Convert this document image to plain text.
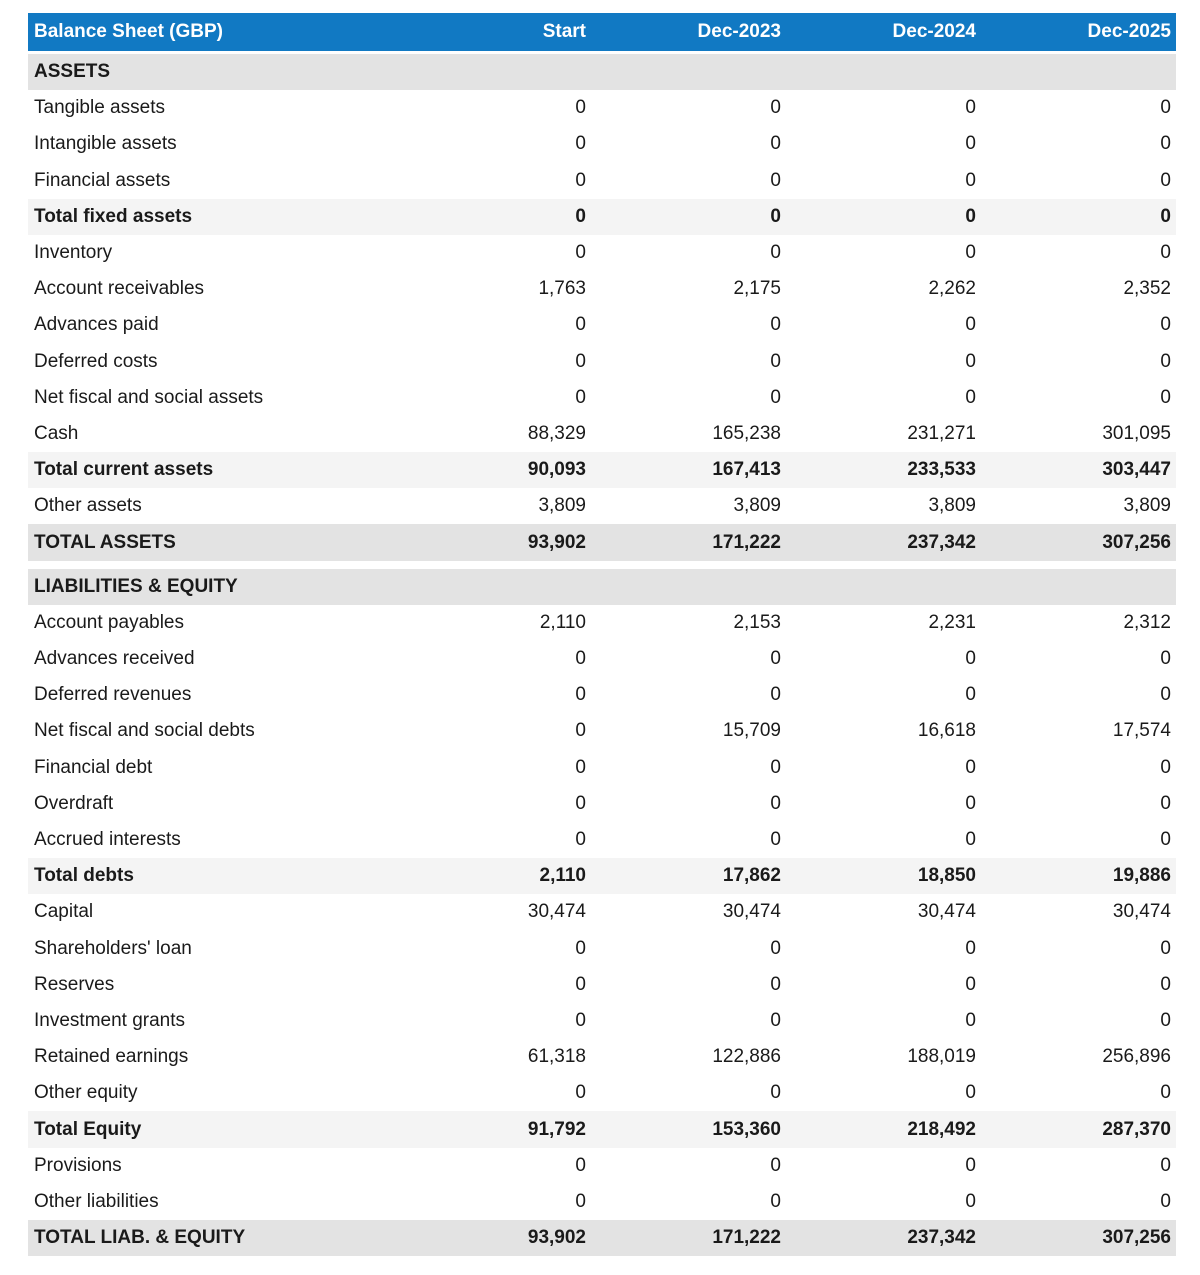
Balance Sheet (GBP)	Start	Dec-2023	Dec-2024	Dec-2025
ASSETS
Tangible assets	0	0	0	0
Intangible assets	0	0	0	0
Financial assets	0	0	0	0
Total fixed assets	0	0	0	0
Inventory	0	0	0	0
Account receivables	1,763	2,175	2,262	2,352
Advances paid	0	0	0	0
Deferred costs	0	0	0	0
Net fiscal and social assets	0	0	0	0
Cash	88,329	165,238	231,271	301,095
Total current assets	90,093	167,413	233,533	303,447
Other assets	3,809	3,809	3,809	3,809
TOTAL ASSETS	93,902	171,222	237,342	307,256
LIABILITIES & EQUITY
Account payables	2,110	2,153	2,231	2,312
Advances received	0	0	0	0
Deferred revenues	0	0	0	0
Net fiscal and social debts	0	15,709	16,618	17,574
Financial debt	0	0	0	0
Overdraft	0	0	0	0
Accrued interests	0	0	0	0
Total debts	2,110	17,862	18,850	19,886
Capital	30,474	30,474	30,474	30,474
Shareholders' loan	0	0	0	0
Reserves	0	0	0	0
Investment grants	0	0	0	0
Retained earnings	61,318	122,886	188,019	256,896
Other equity	0	0	0	0
Total Equity	91,792	153,360	218,492	287,370
Provisions	0	0	0	0
Other liabilities	0	0	0	0
TOTAL LIAB. & EQUITY	93,902	171,222	237,342	307,256
